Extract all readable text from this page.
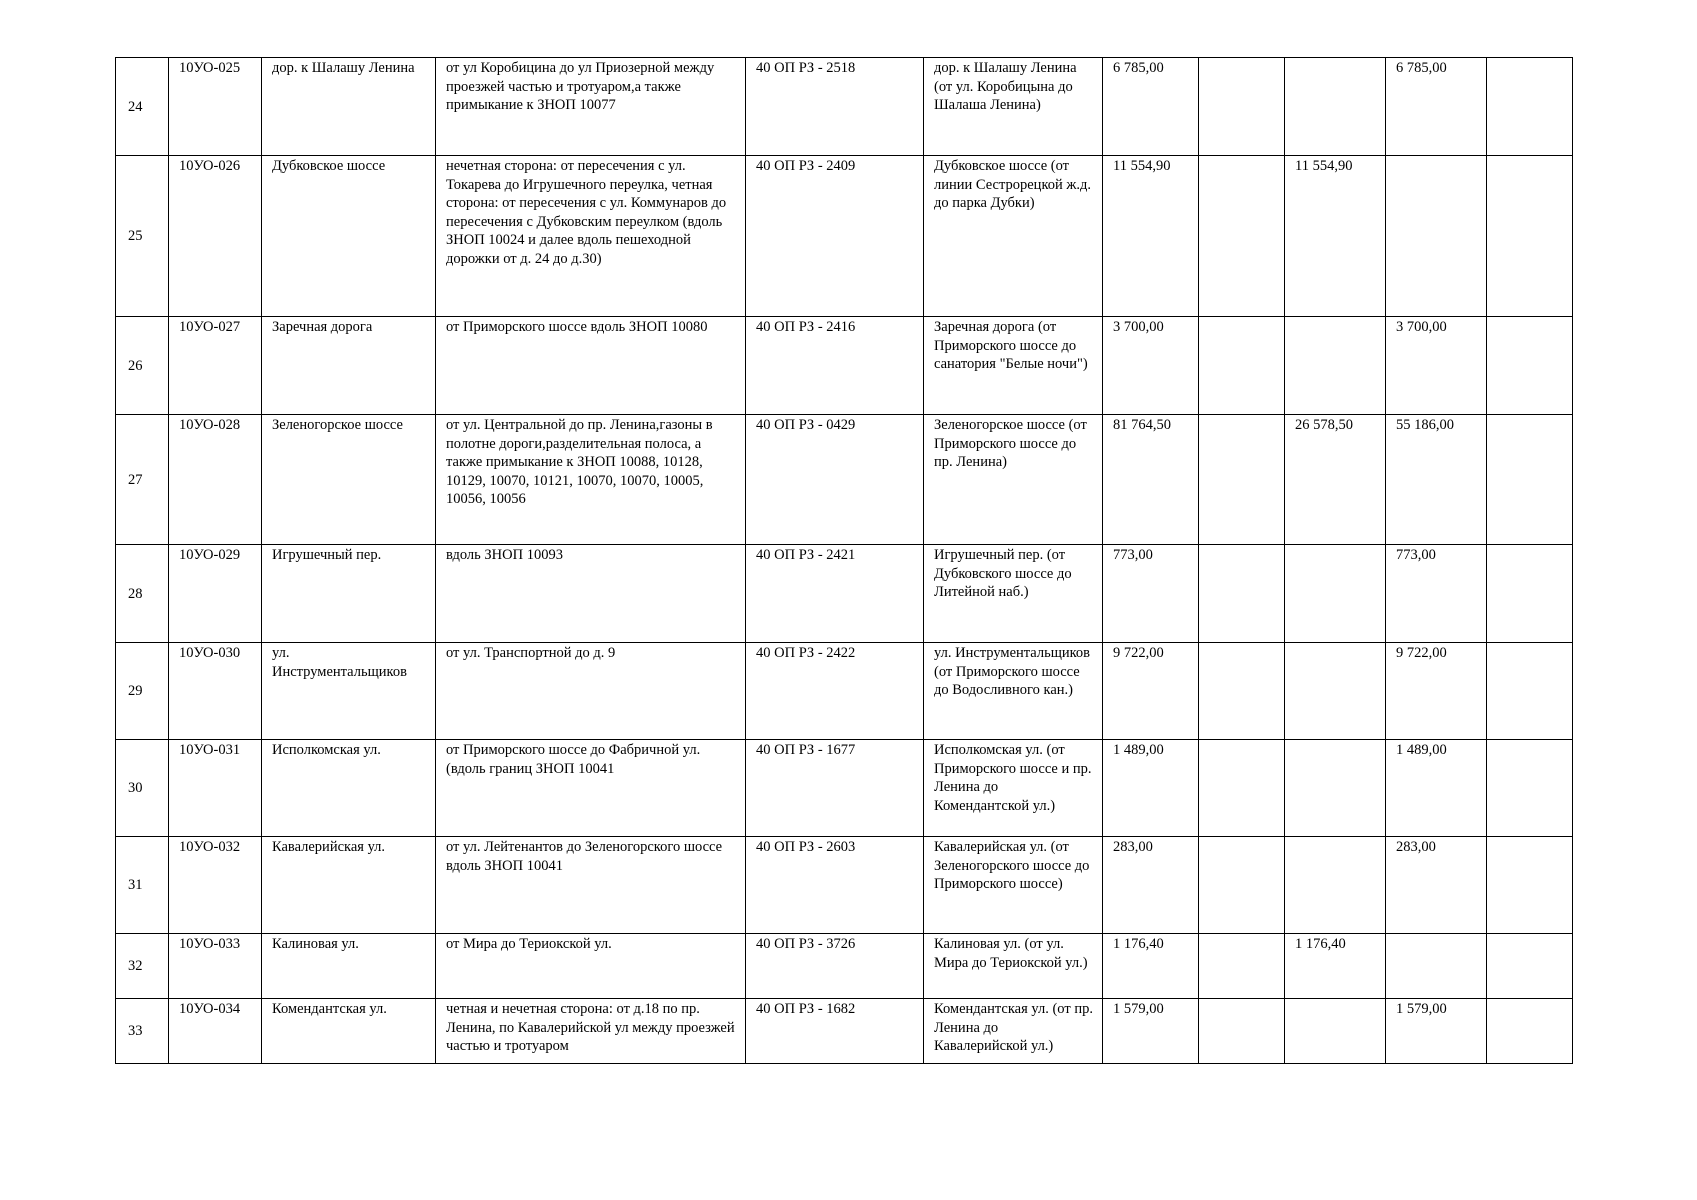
24	10УО-025	дор. к Шалашу Ленина	от ул Коробицина до ул Приозерной между проезжей частью и тротуаром,а также примыкание к ЗНОП 10077	40 ОП РЗ - 2518	дор. к Шалашу Ленина (от ул. Коробицына до Шалаша Ленина)	6 785,00			6 785,00	
25	10УО-026	Дубковское шоссе	нечетная сторона: от пересечения с ул. Токарева до Игрушечного переулка, четная сторона: от пересечения с ул. Коммунаров до пересечения с Дубковским переулком (вдоль ЗНОП 10024 и далее вдоль пешеходной дорожки от д. 24 до д.30)	40 ОП РЗ - 2409	Дубковское шоссе (от линии Сестрорецкой ж.д. до парка Дубки)	11 554,90		11 554,90		
26	10УО-027	Заречная дорога	от Приморского шоссе вдоль ЗНОП 10080	40 ОП РЗ - 2416	Заречная дорога (от Приморского шоссе до санатория "Белые ночи")	3 700,00			3 700,00	
27	10УО-028	Зеленогорское шоссе	от ул. Центральной до пр. Ленина,газоны в полотне дороги,разделительная полоса, а также примыкание к ЗНОП 10088, 10128, 10129, 10070, 10121, 10070, 10070, 10005, 10056, 10056	40 ОП РЗ - 0429	Зеленогорское шоссе (от Приморского шоссе до пр. Ленина)	81 764,50		26 578,50	55 186,00	
28	10УО-029	Игрушечный пер.	вдоль ЗНОП 10093	40 ОП РЗ - 2421	Игрушечный пер. (от Дубковского шоссе до Литейной наб.)	773,00			773,00	
29	10УО-030	ул. Инструментальщиков	от ул. Транспортной до д. 9	40 ОП РЗ - 2422	ул. Инструментальщиков (от Приморского шоссе до Водосливного кан.)	9 722,00			9 722,00	
30	10УО-031	Исполкомская ул.	от Приморского шоссе до Фабричной ул.(вдоль границ ЗНОП 10041	40 ОП РЗ - 1677	Исполкомская ул. (от Приморского шоссе и пр. Ленина до Комендантской ул.)	1 489,00			1 489,00	
31	10УО-032	Кавалерийская ул.	от ул. Лейтенантов до Зеленогорского шоссе вдоль ЗНОП 10041	40 ОП РЗ - 2603	Кавалерийская ул. (от Зеленогорского шоссе до Приморского шоссе)	283,00			283,00	
32	10УО-033	Калиновая ул.	от Мира до Териокской ул.	40 ОП РЗ - 3726	Калиновая ул. (от ул. Мира до Териокской ул.)	1 176,40		1 176,40		
33	10УО-034	Комендантская ул.	четная и нечетная сторона: от д.18 по пр. Ленина, по Кавалерийской ул между проезжей частью и тротуаром	40 ОП РЗ - 1682	Комендантская ул. (от пр. Ленина до Кавалерийской ул.)	1 579,00			1 579,00	
